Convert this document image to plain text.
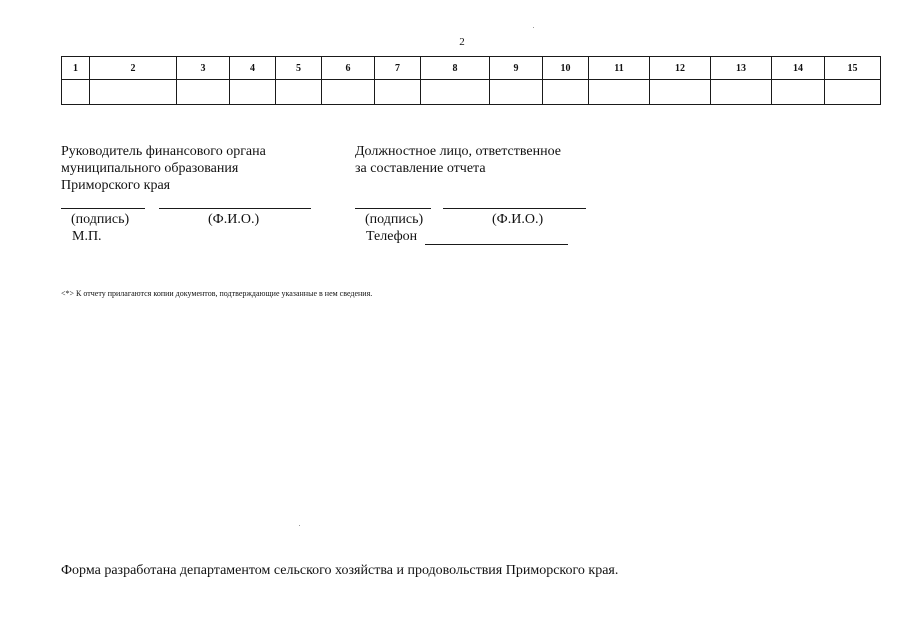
2
1	2	3	4	5	6	7	8	9	10	11	12	13	14	15

Руководитель финансового органа

муниципального образования

Приморского края

(подпись)	(Ф.И.О.)
М.П.

Должностное лицо, ответственное

за составление отчета

(подпись)	(Ф.И.О.)
Телефон
<*> К отчету прилагаются копии документов, подтверждающие указанные в нем сведения.
Форма разработана департаментом сельского хозяйства и продовольствия Приморского края.
